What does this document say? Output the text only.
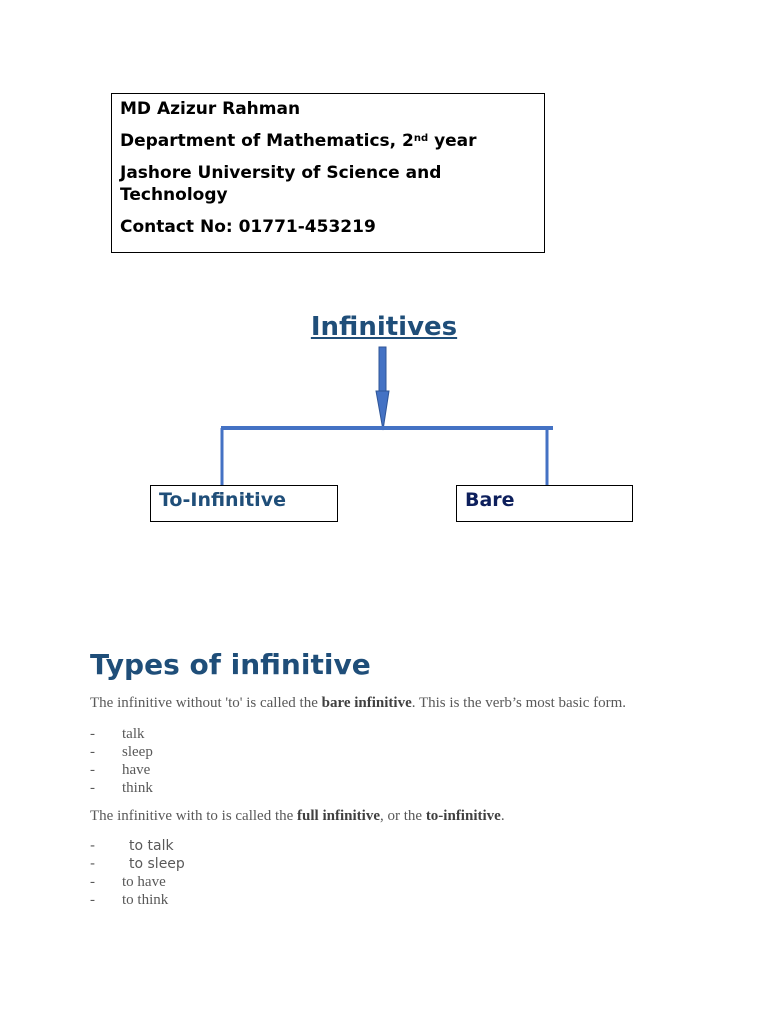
MD Azizur Rahman

Department of Mathematics, 2nd year

Jashore University of Science and Technology

Contact No: 01771-453219

Infinitives
To-Infinitive	Bare
Types of infinitive
The infinitive without 'to' is called the bare infinitive. This is the verb’s most basic form.
- talk
- sleep
- have
- think
The infinitive with to is called the full infinitive, or the to-infinitive.
- to talk
- to sleep
- to have
- to think
